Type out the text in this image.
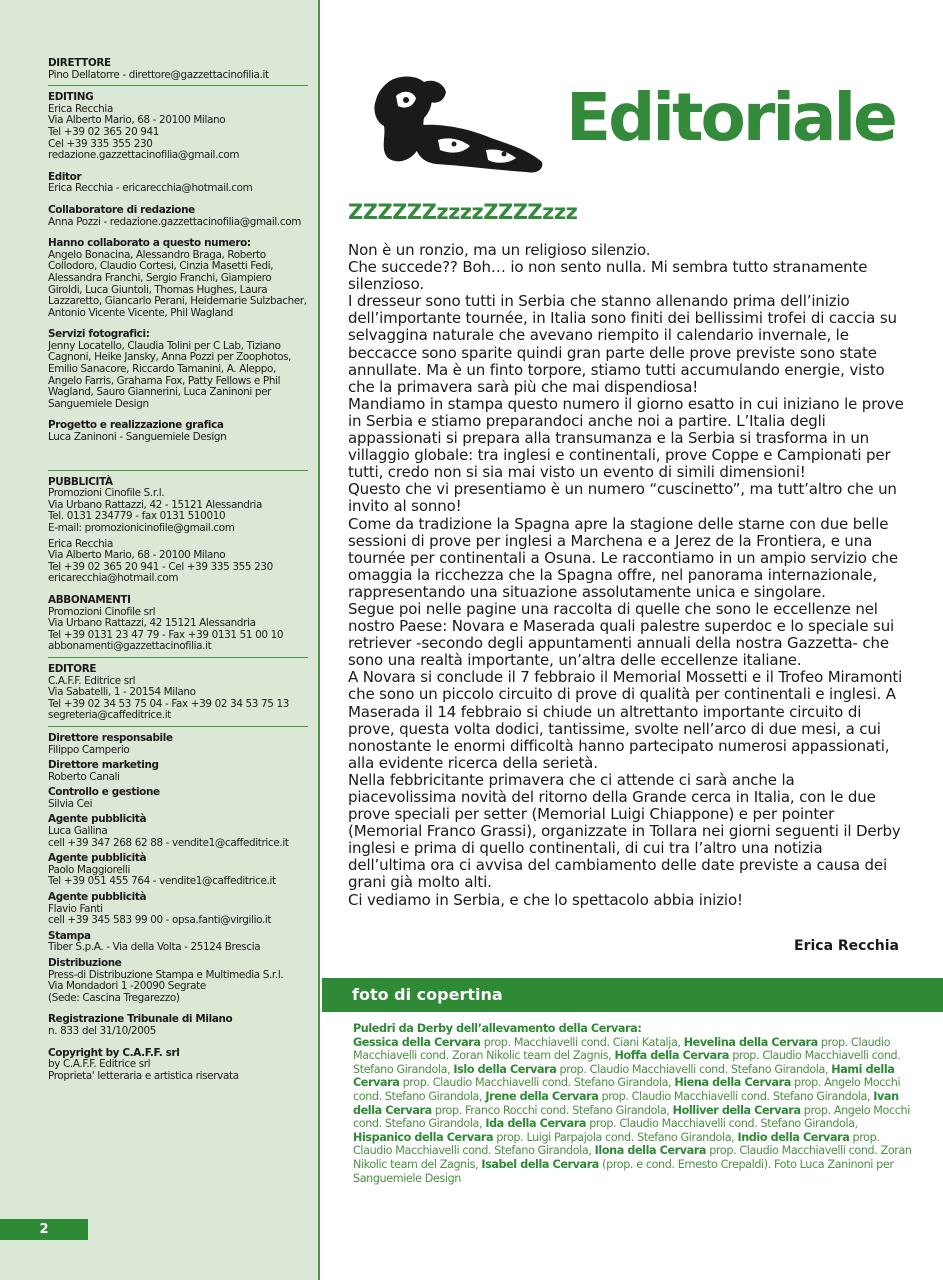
DIRETTORE
Pino Dellatorre - direttore@gazzettacinofilia.it
EDITING
Erica Recchia
Via Alberto Mario, 68 - 20100 Milano
Tel +39 02 365 20 941
Cel +39 335 355 230
redazione.gazzettacinofilia@gmail.com
Editor
Erica Recchia - ericarecchia@hotmail.com
Collaboratore di redazione
Anna Pozzi - redazione.gazzettacinofilia@gmail.com
Hanno collaborato a questo numero:
Angelo Bonacina, Alessandro Braga, Roberto Collodoro, Claudio Cortesi, Cinzia Masetti Fedi, Alessandra Franchi, Sergio Franchi, Giampiero Giroldi, Luca Giuntoli, Thomas Hughes, Laura Lazzaretto, Giancarlo Perani, Heidemarie Sulzbacher, Antonio Vicente Vicente, Phil Wagland
Servizi fotografici:
Jenny Locatello, Claudia Tolini per C Lab, Tiziano Cagnoni, Heike Jansky, Anna Pozzi per Zoophotos, Emilio Sanacore, Riccardo Tamanini, A. Aleppo, Angelo Farris, Grahama Fox, Patty Fellows e Phil Wagland, Sauro Giannerini, Luca Zaninoni per Sanguemiele Design
Progetto e realizzazione grafica
Luca Zaninoni - Sanguemiele Design
PUBBLICITÀ
Promozioni Cinofile S.r.l.
Via Urbano Rattazzi, 42 - 15121 Alessandria
Tel. 0131 234779 - fax 0131 510010
E-mail: promozionicinofile@gmail.com
Erica Recchia
Via Alberto Mario, 68 - 20100 Milano
Tel +39 02 365 20 941 - Cel +39 335 355 230
ericarecchia@hotmail.com
ABBONAMENTI
Promozioni Cinofile srl
Via Urbano Rattazzi, 42 15121 Alessandria
Tel +39 0131 23 47 79 - Fax +39 0131 51 00 10
abbonamenti@gazzettacinofilia.it
EDITORE
C.A.F.F. Editrice srl
Via Sabatelli, 1 - 20154 Milano
Tel +39 02 34 53 75 04 - Fax +39 02 34 53 75 13
segreteria@caffeditrice.it
Direttore responsabile
Filippo Camperio
Direttore marketing
Roberto Canali
Controllo e gestione
Silvia Cei
Agente pubblicità
Luca Gallina
cell +39 347 268 62 88 - vendite1@caffeditrice.it
Agente pubblicità
Paolo Maggiorelli
Tel +39 051 455 764 - vendite1@caffeditrice.it
Agente pubblicità
Flavio Fanti
cell +39 345 583 99 00 - opsa.fanti@virgilio.it
Stampa
Tiber S.p.A. - Via della Volta - 25124 Brescia
Distribuzione
Press-di Distribuzione Stampa e Multimedia S.r.l.
Via Mondadori 1 -20090 Segrate
(Sede: Cascina Tregarezzo)
Registrazione Tribunale di Milano
n. 833 del 31/10/2005
Copyright by C.A.F.F. srl
by C.A.F.F. Editrice srl
Proprieta' letteraria e artistica riservata
2
Editoriale
ZZZZZZzzzzZZZZzzz

Non è un ronzio, ma un religioso silenzio.

Che succede?? Boh… io non sento nulla. Mi sembra tutto stranamente silenzioso.

I dresseur sono tutti in Serbia che stanno allenando prima dell’inizio dell’importante tournée, in Italia sono finiti dei bellissimi trofei di caccia su selvaggina naturale che avevano riempito il calendario invernale, le beccacce sono sparite quindi gran parte delle prove previste sono state annullate. Ma è un finto torpore, stiamo tutti accumulando energie, visto che la primavera sarà più che mai dispendiosa!

Mandiamo in stampa questo numero il giorno esatto in cui iniziano le prove in Serbia e stiamo preparandoci anche noi a partire. L’Italia degli appassionati si prepara alla transumanza e la Serbia si trasforma in un villaggio globale: tra inglesi e continentali, prove Coppe e Campionati per tutti, credo non si sia mai visto un evento di simili dimensioni!

Questo che vi presentiamo è un numero “cuscinetto”, ma tutt’altro che un invito al sonno!

Come da tradizione la Spagna apre la stagione delle starne con due belle sessioni di prove per inglesi a Marchena e a Jerez de la Frontiera, e una tournée per continentali a Osuna. Le raccontiamo in un ampio servizio che omaggia la ricchezza che la Spagna offre, nel panorama internazionale, rappresentando una situazione assolutamente unica e singolare.

Segue poi nelle pagine una raccolta di quelle che sono le eccellenze nel nostro Paese: Novara e Maserada quali palestre superdoc e lo speciale sui retriever -secondo degli appuntamenti annuali della nostra Gazzetta- che sono una realtà importante, un’altra delle eccellenze italiane.

A Novara si conclude il 7 febbraio il Memorial Mossetti e il Trofeo Miramonti che sono un piccolo circuito di prove di qualità per continentali e inglesi. A Maserada il 14 febbraio si chiude un altrettanto importante circuito di prove, questa volta dodici, tantissime, svolte nell’arco di due mesi, a cui nonostante le enormi difficoltà hanno partecipato numerosi appassionati, alla evidente ricerca della serietà.

Nella febbricitante primavera che ci attende ci sarà anche la piacevolissima novità del ritorno della Grande cerca in Italia, con le due prove speciali per setter (Memorial Luigi Chiappone) e per pointer (Memorial Franco Grassi), organizzate in Tollara nei giorni seguenti il Derby inglesi e prima di quello continentali, di cui tra l’altro una notizia dell’ultima ora ci avvisa del cambiamento delle date previste a causa dei grani già molto alti.

Ci vediamo in Serbia, e che lo spettacolo abbia inizio!

Erica Recchia
foto di copertina
Puledri da Derby dell’allevamento della Cervara:
Gessica della Cervara prop. Macchiavelli cond. Ciani Katalja, Hevelina della Cervara prop. Claudio Macchiavelli cond. Zoran Nikolic team del Zagnis, Hoffa della Cervara prop. Claudio Macchiavelli cond. Stefano Girandola, Islo della Cervara prop. Claudio Macchiavelli cond. Stefano Girandola, Hami della Cervara prop. Claudio Macchiavelli cond. Stefano Girandola, Hiena della Cervara prop. Angelo Mocchi cond. Stefano Girandola, Jrene della Cervara prop. Claudio Macchiavelli cond. Stefano Girandola, Ivan della Cervara prop. Franco Rocchi cond. Stefano Girandola, Holliver della Cervara prop. Angelo Mocchi cond. Stefano Girandola, Ida della Cervara prop. Claudio Macchiavelli cond. Stefano Girandola, Hispanico della Cervara prop. Luigi Parpajola cond. Stefano Girandola, Indio della Cervara prop. Claudio Macchiavelli cond. Stefano Girandola, Ilona della Cervara prop. Claudio Macchiavelli cond. Zoran Nikolic team del Zagnis, Isabel della Cervara (prop. e cond. Ernesto Crepaldi). Foto Luca Zaninoni per Sanguemiele Design
